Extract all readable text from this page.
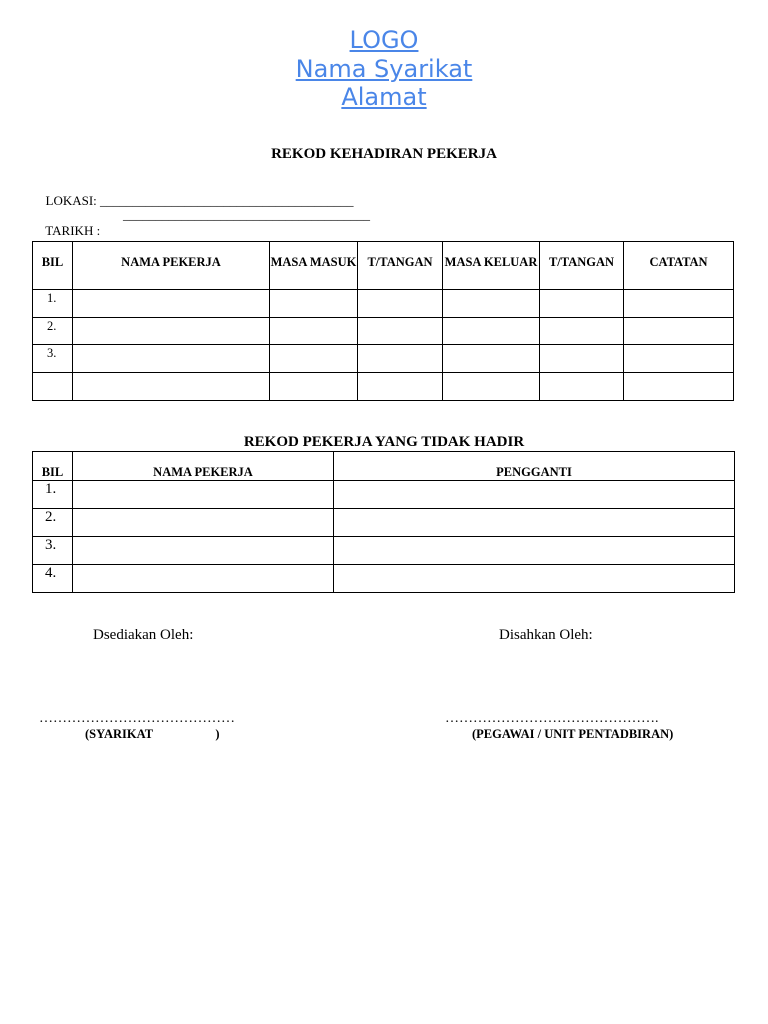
LOGO
Nama Syarikat
Alamat
REKOD KEHADIRAN PEKERJA

LOKASI: _______________________________________

TARIKH :

______________________________________
BIL	NAMA PEKERJA	MASA MASUK	T/TANGAN	MASA KELUAR	T/TANGAN	CATATAN
1.						
2.						
3.						

REKOD PEKERJA YANG TIDAK HADIR
BIL	NAMA PEKERJA	PENGGANTI
1.		
2.		
3.		
4.		
Dsediakan Oleh:	Disahkan Oleh:
……………………………………	……………………………………….
(SYARIKAT                    )	(PEGAWAI / UNIT PENTADBIRAN)
